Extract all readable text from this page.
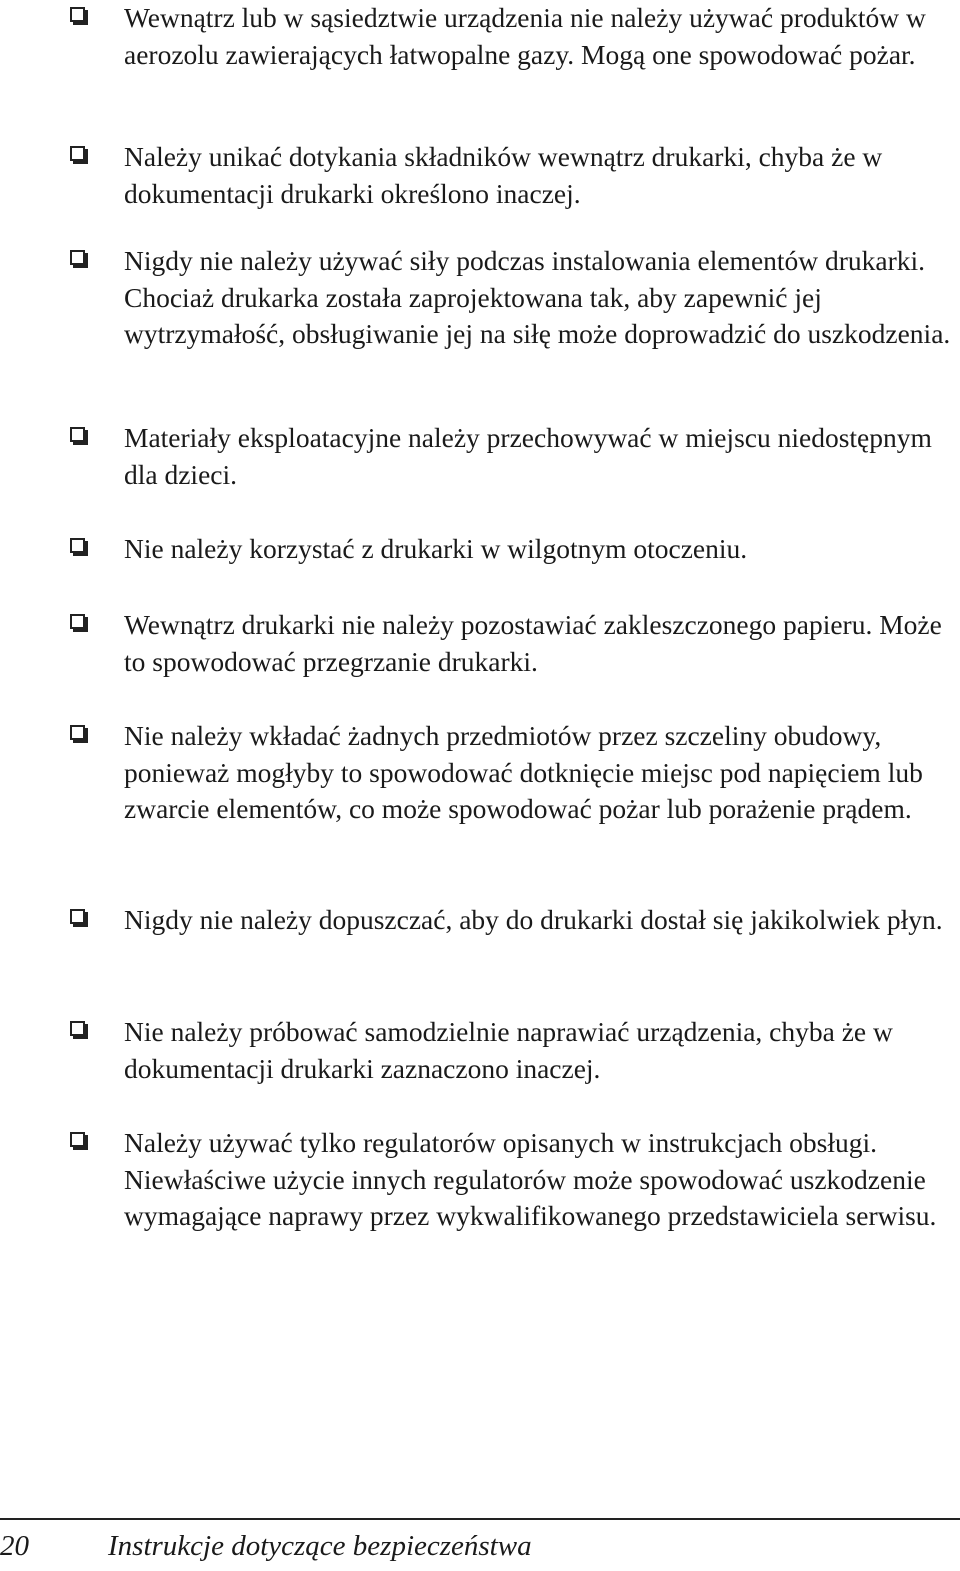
Wewnątrz lub w sąsiedztwie urządzenia nie należy używać produktów w aerozolu zawierających łatwopalne gazy. Mogą one spowodować pożar.

Należy unikać dotykania składników wewnątrz drukarki, chyba że w dokumentacji drukarki określono inaczej.

Nigdy nie należy używać siły podczas instalowania elementów drukarki. Chociaż drukarka została zaprojektowana tak, aby zapewnić jej wytrzymałość, obsługiwanie jej na siłę może doprowadzić do uszkodzenia.

Materiały eksploatacyjne należy przechowywać w miejscu niedostępnym dla dzieci.

Nie należy korzystać z drukarki w wilgotnym otoczeniu.

Wewnątrz drukarki nie należy pozostawiać zakleszczonego papieru. Może to spowodować przegrzanie drukarki.

Nie należy wkładać żadnych przedmiotów przez szczeliny obudowy, ponieważ mogłyby to spowodować dotknięcie miejsc pod napięciem lub zwarcie elementów, co może spowodować pożar lub porażenie prądem.

Nigdy nie należy dopuszczać, aby do drukarki dostał się jakikolwiek płyn.

Nie należy próbować samodzielnie naprawiać urządzenia, chyba że w dokumentacji drukarki zaznaczono inaczej.

Należy używać tylko regulatorów opisanych w instrukcjach obsługi. Niewłaściwe użycie innych regulatorów może spowodować uszkodzenie wymagające naprawy przez wykwalifikowanego przedstawiciela serwisu.

20	Instrukcje dotyczące bezpieczeństwa
